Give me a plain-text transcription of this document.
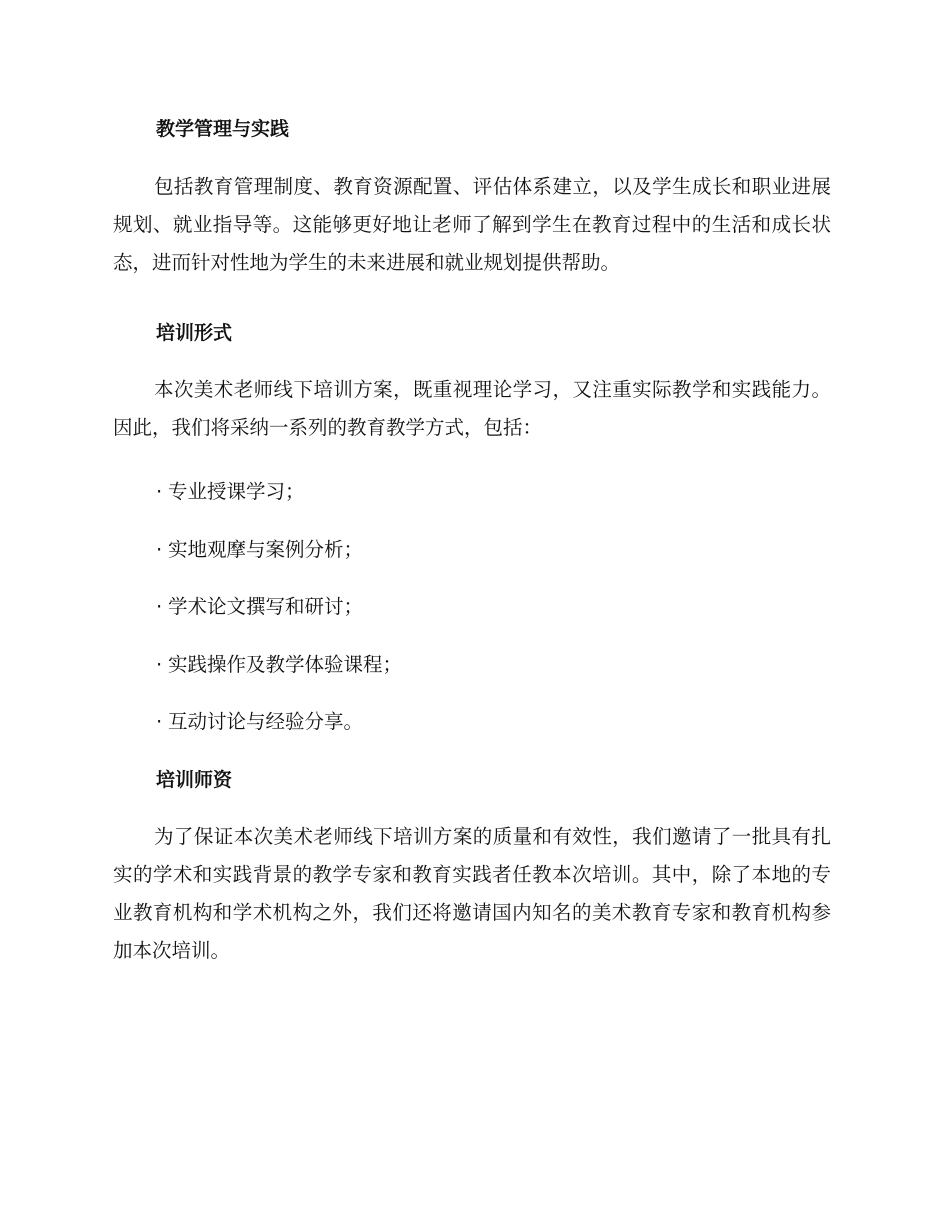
教学管理与实践
包括教育管理制度、教育资源配置、评估体系建立，以及学生成长和职业进展规划、就业指导等。这能够更好地让老师了解到学生在教育过程中的生活和成长状态，进而针对性地为学生的未来进展和就业规划提供帮助。
培训形式
本次美术老师线下培训方案，既重视理论学习，又注重实际教学和实践能力。因此，我们将采纳一系列的教育教学方式，包括：
· 专业授课学习；
· 实地观摩与案例分析；
· 学术论文撰写和研讨；
· 实践操作及教学体验课程；
· 互动讨论与经验分享。
培训师资
为了保证本次美术老师线下培训方案的质量和有效性，我们邀请了一批具有扎实的学术和实践背景的教学专家和教育实践者任教本次培训。其中，除了本地的专业教育机构和学术机构之外，我们还将邀请国内知名的美术教育专家和教育机构参加本次培训。
